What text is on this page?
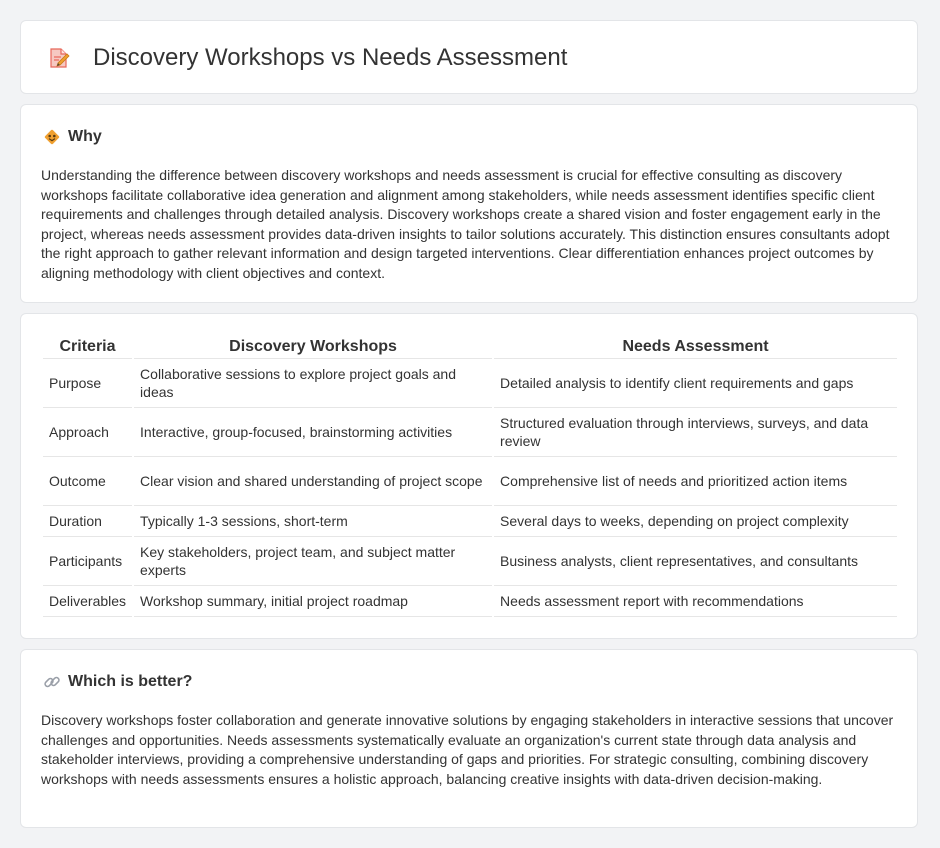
Discovery Workshops vs Needs Assessment
Why

Understanding the difference between discovery workshops and needs assessment is crucial for effective consulting as discovery workshops facilitate collaborative idea generation and alignment among stakeholders, while needs assessment identifies specific client requirements and challenges through detailed analysis. Discovery workshops create a shared vision and foster engagement early in the project, whereas needs assessment provides data-driven insights to tailor solutions accurately. This distinction ensures consultants adopt the right approach to gather relevant information and design targeted interventions. Clear differentiation enhances project outcomes by aligning methodology with client objectives and context.

Criteria	Discovery Workshops	Needs Assessment
Purpose	Collaborative sessions to explore project goals and ideas	Detailed analysis to identify client requirements and gaps
Approach	Interactive, group-focused, brainstorming activities	Structured evaluation through interviews, surveys, and data review
Outcome	Clear vision and shared understanding of project scope	Comprehensive list of needs and prioritized action items
Duration	Typically 1-3 sessions, short-term	Several days to weeks, depending on project complexity
Participants	Key stakeholders, project team, and subject matter experts	Business analysts, client representatives, and consultants
Deliverables	Workshop summary, initial project roadmap	Needs assessment report with recommendations
Which is better?

Discovery workshops foster collaboration and generate innovative solutions by engaging stakeholders in interactive sessions that uncover challenges and opportunities. Needs assessments systematically evaluate an organization's current state through data analysis and stakeholder interviews, providing a comprehensive understanding of gaps and priorities. For strategic consulting, combining discovery workshops with needs assessments ensures a holistic approach, balancing creative insights with data-driven decision-making.
